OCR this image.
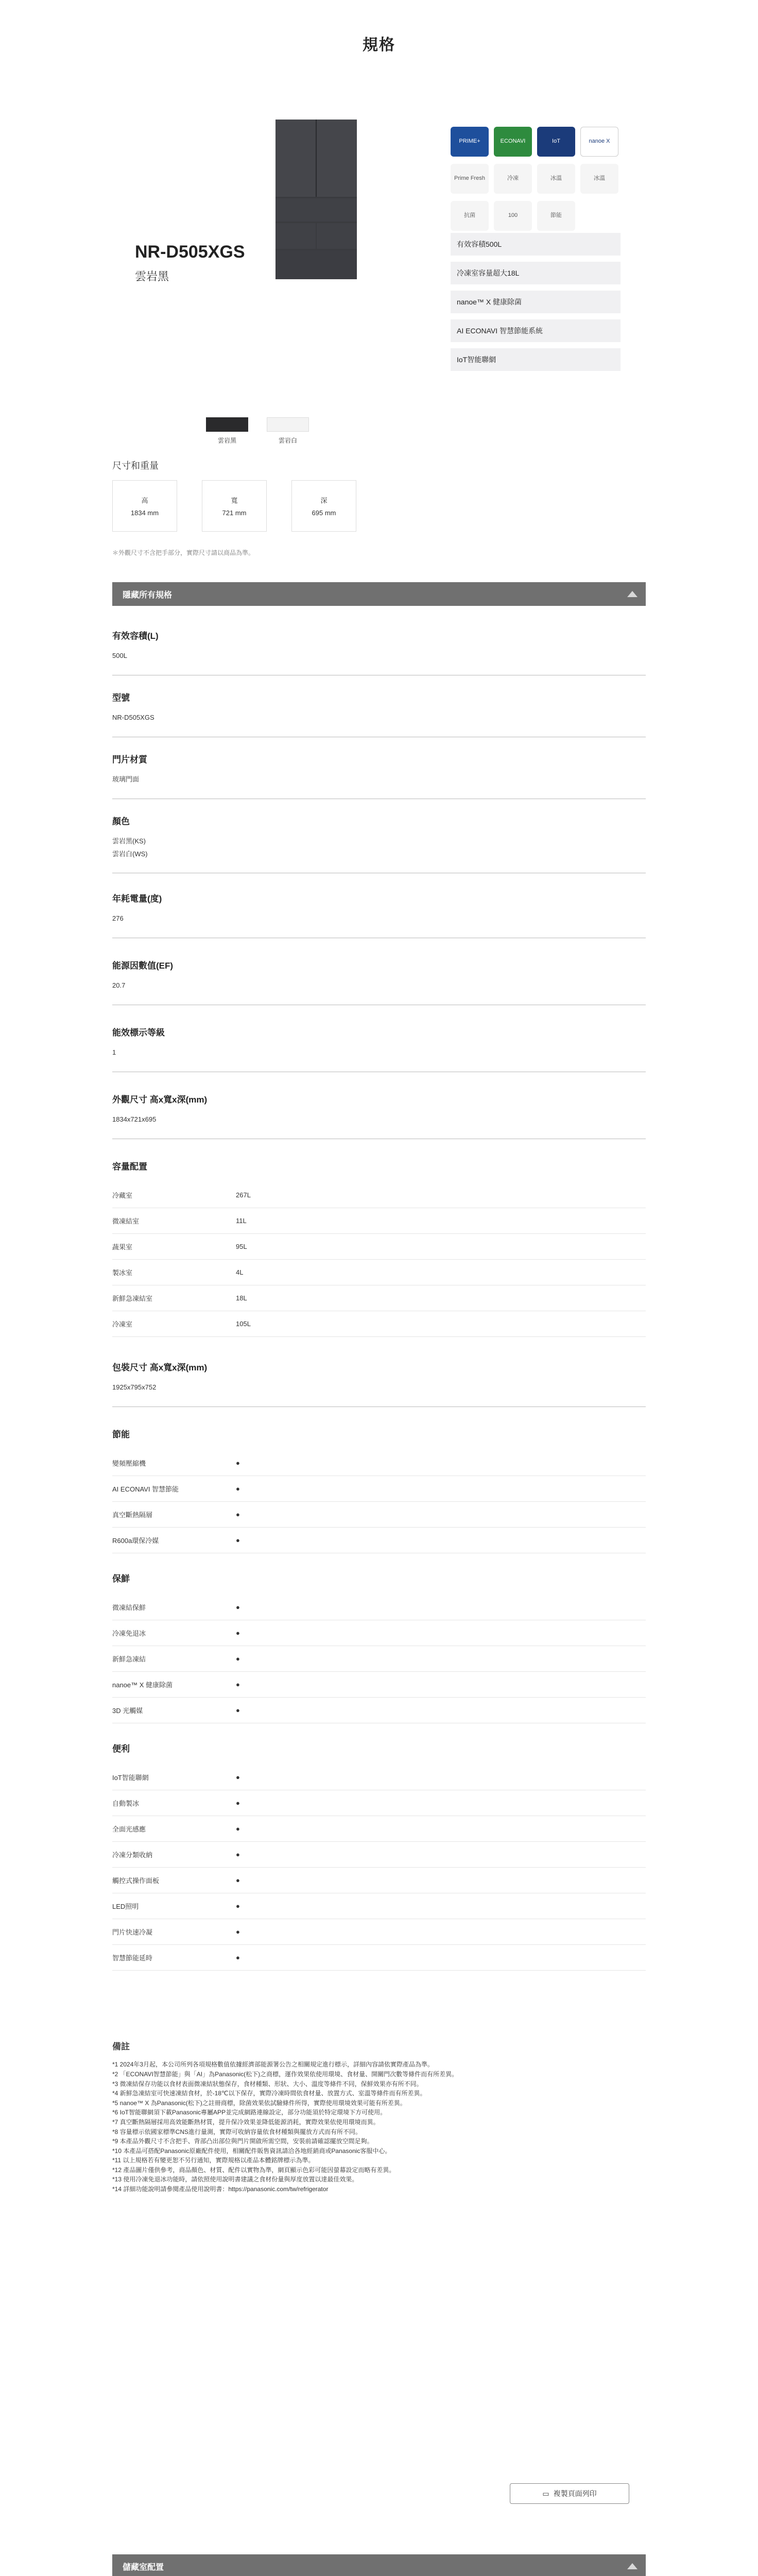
規格
NR-D505XGS
雲岩黑
PRIME+	ECONAVI	IoT	nanoe X
Prime Fresh	冷凍	冰溫	冰溫
抗菌	100	節能
有效容積500L
冷凍室容量超大18L
nanoe™ X 健康除菌
AI ECONAVI 智慧節能系統
IoT智能聯網
雲岩黑	雲岩白
尺寸和重量
高
1834 mm
寬
721 mm
深
695 mm
＊外觀尺寸不含把手部分，實際尺寸請以商品為準。
隱藏所有規格
有效容積(L)
500L
型號
NR-D505XGS
門片材質
玻璃門面
顏色
雲岩黑(KS)
雲岩白(WS)
年耗電量(度)
276
能源因數值(EF)
20.7
能效標示等級
1
外觀尺寸 高x寬x深(mm)
1834x721x695
容量配置
冷藏室	267L
微凍結室	11L
蔬果室	95L
製冰室	4L
新鮮急凍結室	18L
冷凍室	105L
包裝尺寸 高x寬x深(mm)
1925x795x752
節能
變頻壓縮機	●
AI ECONAVI 智慧節能	●
真空斷熱隔層	●
R600a環保冷媒	●
保鮮
微凍結保鮮	●
冷凍免退冰	●
新鮮急凍結	●
nanoe™ X 健康除菌	●
3D 光觸媒	●
便利
IoT智能聯網	●
自動製冰	●
全面光感應	●
冷凍分類收納	●
觸控式操作面板	●
LED照明	●
門片快速冷凝	●
智慧節能延時	●
備註
*1 2024年3月起，本公司所列各項規格數值依據經濟部能源署公告之相關規定進行標示，詳細內容請依實際產品為準。
*2 「ECONAVI智慧節能」與「AI」為Panasonic(松下)之商標，運作效果依使用環境、食材量、開關門次數等條件而有所差異。
*3 微凍結保存功能以食材表面微凍結狀態保存，食材種類、形狀、大小、溫度等條件不同，保鮮效果亦有所不同。
*4 新鮮急凍結室可快速凍結食材，於-18℃以下保存，實際冷凍時間依食材量、放置方式、室溫等條件而有所差異。
*5 nanoe™ X 為Panasonic(松下)之註冊商標，除菌效果依試驗條件所得，實際使用環境效果可能有所差異。
*6 IoT智能聯網須下載Panasonic專屬APP並完成網路連線設定，部分功能須於特定環境下方可使用。
*7 真空斷熱隔層採用高效能斷熱材質，提升保冷效果並降低能源消耗，實際效果依使用環境而異。
*8 容量標示依國家標準CNS進行量測，實際可收納容量依食材種類與擺放方式而有所不同。
*9 本產品外觀尺寸不含把手、背部凸出部位與門片開啟所需空間，安裝前請確認擺放空間足夠。
*10 本產品可搭配Panasonic原廠配件使用，相關配件販售資訊請洽各地經銷商或Panasonic客服中心。
*11 以上規格若有變更恕不另行通知，實際規格以產品本體銘牌標示為準。
*12 產品圖片僅供參考，商品顏色、材質、配件以實物為準，網頁顯示色彩可能因螢幕設定而略有差異。
*13 使用冷凍免退冰功能時，請依照使用說明書建議之食材份量與厚度放置以達最佳效果。
*14 詳細功能說明請參閱產品使用說明書：https://panasonic.com/tw/refrigerator
▭ 複製頁面列印
儲藏室配置
